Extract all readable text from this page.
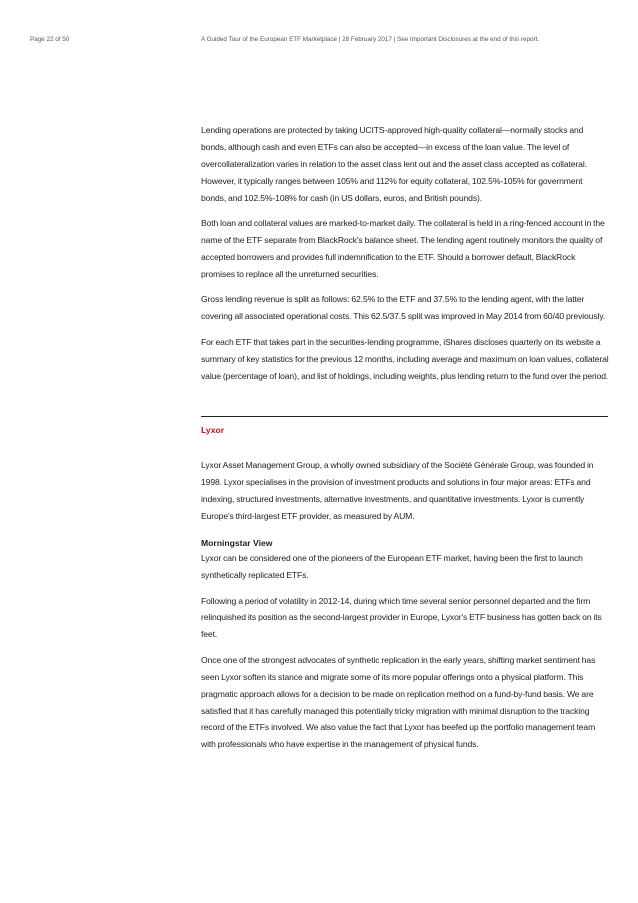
Page 22 of 50	A Guided Tour of the European ETF Marketplace | 28 February 2017 | See Important Disclosures at the end of this report.

Lending operations are protected by taking UCITS-approved high-quality collateral—normally stocks and bonds, although cash and even ETFs can also be accepted—in excess of the loan value. The level of overcollateralization varies in relation to the asset class lent out and the asset class accepted as collateral. However, it typically ranges between 105% and 112% for equity collateral, 102.5%-105% for government bonds, and 102.5%-108% for cash (in US dollars, euros, and British pounds).

Both loan and collateral values are marked-to-market daily. The collateral is held in a ring-fenced account in the name of the ETF separate from BlackRock's balance sheet. The lending agent routinely monitors the quality of accepted borrowers and provides full indemnification to the ETF. Should a borrower default, BlackRock promises to replace all the unreturned securities.

Gross lending revenue is split as follows: 62.5% to the ETF and 37.5% to the lending agent, with the latter covering all associated operational costs. This 62.5/37.5 split was improved in May 2014 from 60/40 previously.

For each ETF that takes part in the securities-lending programme, iShares discloses quarterly on its website a summary of key statistics for the previous 12 months, including average and maximum on loan values, collateral value (percentage of loan), and list of holdings, including weights, plus lending return to the fund over the period.

Lyxor

Lyxor Asset Management Group, a wholly owned subsidiary of the Société Générale Group, was founded in 1998. Lyxor specialises in the provision of investment products and solutions in four major areas: ETFs and indexing, structured investments, alternative investments, and quantitative investments. Lyxor is currently Europe's third-largest ETF provider, as measured by AUM.

Morningstar View

Lyxor can be considered one of the pioneers of the European ETF market, having been the first to launch synthetically replicated ETFs.

Following a period of volatility in 2012-14, during which time several senior personnel departed and the firm relinquished its position as the second-largest provider in Europe, Lyxor's ETF business has gotten back on its feet.

Once one of the strongest advocates of synthetic replication in the early years, shifting market sentiment has seen Lyxor soften its stance and migrate some of its more popular offerings onto a physical platform. This pragmatic approach allows for a decision to be made on replication method on a fund-by-fund basis. We are satisfied that it has carefully managed this potentially tricky migration with minimal disruption to the tracking record of the ETFs involved. We also value the fact that Lyxor has beefed up the portfolio management team with professionals who have expertise in the management of physical funds.
